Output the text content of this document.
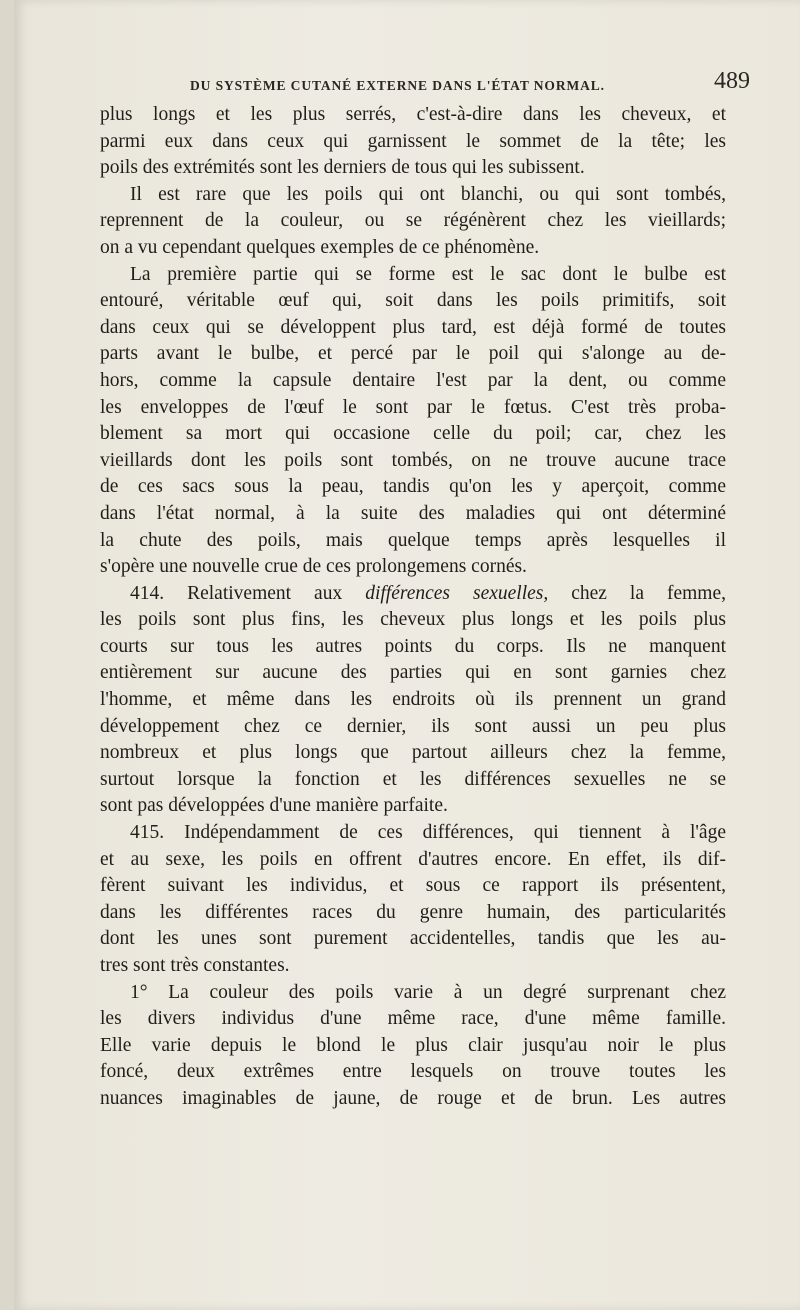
DU SYSTÈME CUTANÉ EXTERNE DANS L'ÉTAT NORMAL.	489
plus longs et les plus serrés, c'est-à-dire dans les cheveux, et
parmi eux dans ceux qui garnissent le sommet de la tête; les
poils des extrémités sont les derniers de tous qui les subissent.
Il est rare que les poils qui ont blanchi, ou qui sont tombés,
reprennent de la couleur, ou se régénèrent chez les vieillards;
on a vu cependant quelques exemples de ce phénomène.
La première partie qui se forme est le sac dont le bulbe est
entouré, véritable œuf qui, soit dans les poils primitifs, soit
dans ceux qui se développent plus tard, est déjà formé de toutes
parts avant le bulbe, et percé par le poil qui s'alonge au de-
hors, comme la capsule dentaire l'est par la dent, ou comme
les enveloppes de l'œuf le sont par le fœtus. C'est très proba-
blement sa mort qui occasione celle du poil; car, chez les
vieillards dont les poils sont tombés, on ne trouve aucune trace
de ces sacs sous la peau, tandis qu'on les y aperçoit, comme
dans l'état normal, à la suite des maladies qui ont déterminé
la chute des poils, mais quelque temps après lesquelles il
s'opère une nouvelle crue de ces prolongemens cornés.
414. Relativement aux différences sexuelles, chez la femme,
les poils sont plus fins, les cheveux plus longs et les poils plus
courts sur tous les autres points du corps. Ils ne manquent
entièrement sur aucune des parties qui en sont garnies chez
l'homme, et même dans les endroits où ils prennent un grand
développement chez ce dernier, ils sont aussi un peu plus
nombreux et plus longs que partout ailleurs chez la femme,
surtout lorsque la fonction et les différences sexuelles ne se
sont pas développées d'une manière parfaite.
415. Indépendamment de ces différences, qui tiennent à l'âge
et au sexe, les poils en offrent d'autres encore. En effet, ils dif-
fèrent suivant les individus, et sous ce rapport ils présentent,
dans les différentes races du genre humain, des particularités
dont les unes sont purement accidentelles, tandis que les au-
tres sont très constantes.
1° La couleur des poils varie à un degré surprenant chez
les divers individus d'une même race, d'une même famille.
Elle varie depuis le blond le plus clair jusqu'au noir le plus
foncé, deux extrêmes entre lesquels on trouve toutes les
nuances imaginables de jaune, de rouge et de brun. Les autres
